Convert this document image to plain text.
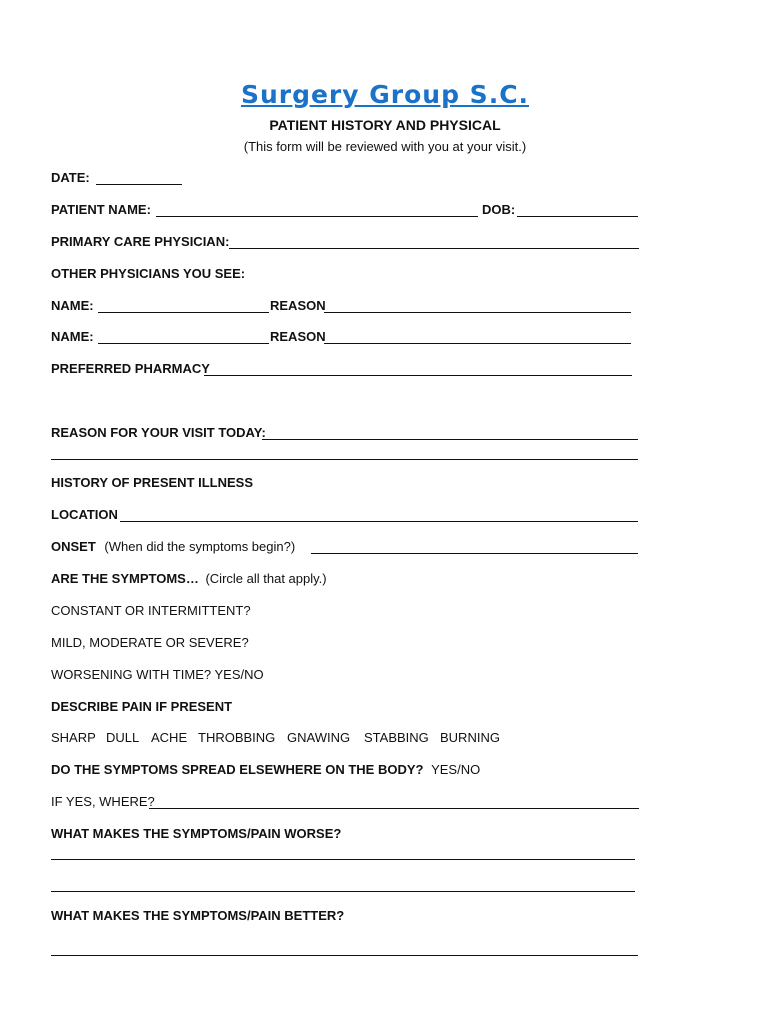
Surgery Group S.C.
PATIENT HISTORY AND PHYSICAL
(This form will be reviewed with you at your visit.)
DATE:
PATIENT NAME:	DOB:
PRIMARY CARE PHYSICIAN:
OTHER PHYSICIANS YOU SEE:
NAME:	REASON
NAME:	REASON
PREFERRED PHARMACY
REASON FOR YOUR VISIT TODAY:
HISTORY OF PRESENT ILLNESS
LOCATION
ONSET (When did the symptoms begin?)
ARE THE SYMPTOMS… (Circle all that apply.)
CONSTANT OR INTERMITTENT?
MILD, MODERATE OR SEVERE?
WORSENING WITH TIME? YES/NO
DESCRIBE PAIN IF PRESENT
SHARP DULL ACHE THROBBING GNAWING STABBING BURNING
DO THE SYMPTOMS SPREAD ELSEWHERE ON THE BODY? YES/NO
IF YES, WHERE?
WHAT MAKES THE SYMPTOMS/PAIN WORSE?
WHAT MAKES THE SYMPTOMS/PAIN BETTER?
